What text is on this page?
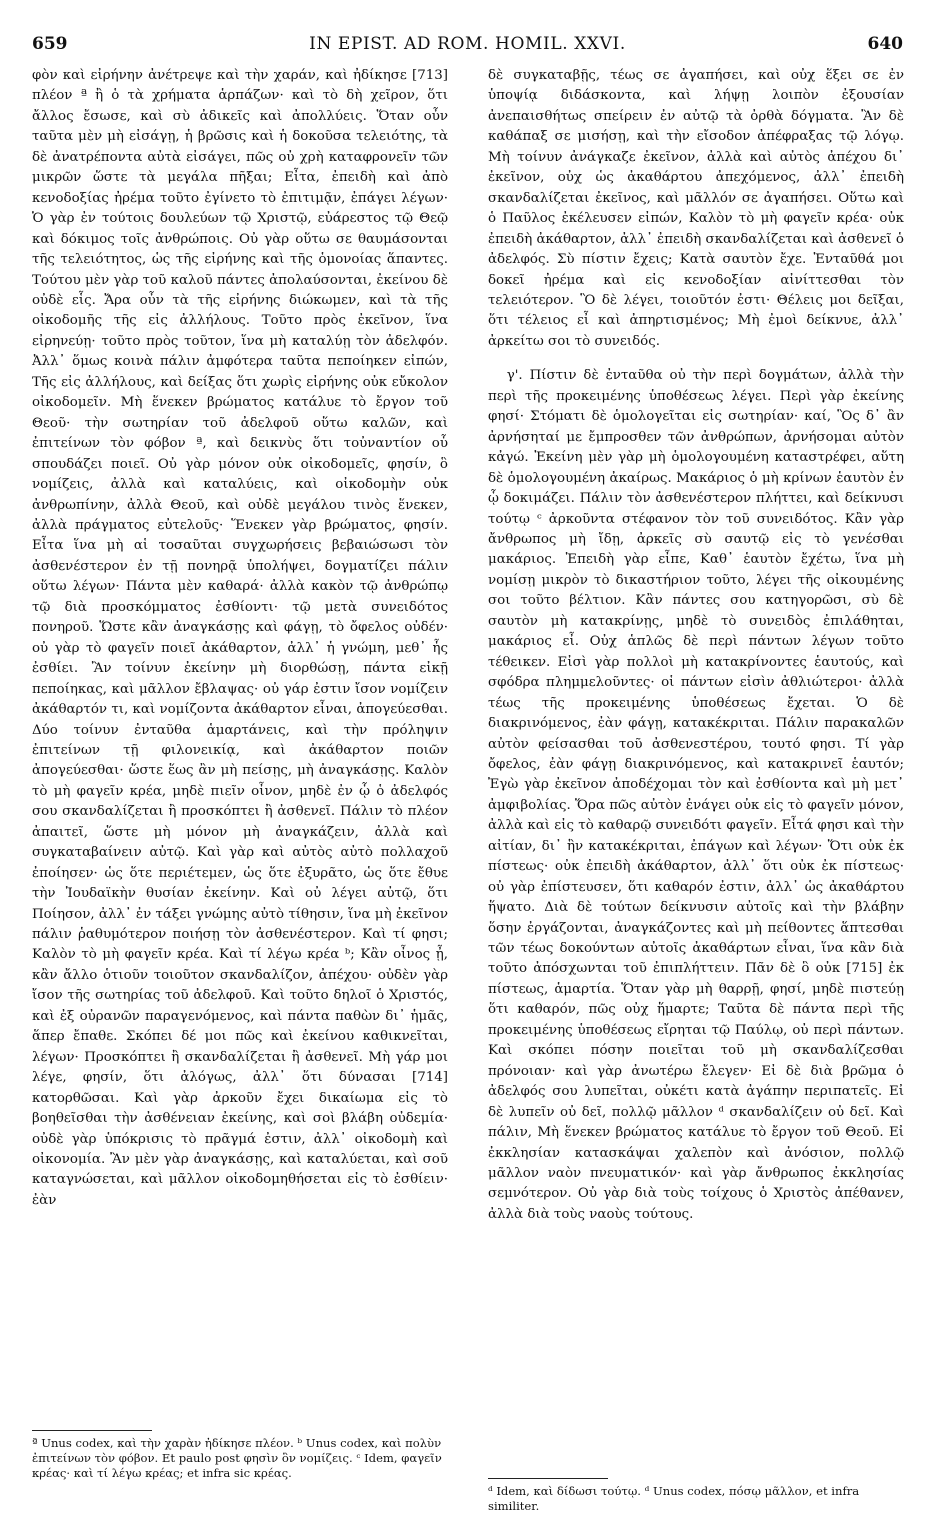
659	IN EPIST. AD ROM. HOMIL. XXVI.	640

φὸν καὶ εἰρήνην ἀνέτρεψε καὶ τὴν χαράν, καὶ ἠδίκησε [713] πλέον ª ἢ ὁ τὰ χρήματα ἁρπάζων· καὶ τὸ δὴ χεῖρον, ὅτι ἄλλος ἔσωσε, καὶ σὺ ἀδικεῖς καὶ ἀπολλύεις. Ὅταν οὖν ταῦτα μὲν μὴ εἰσάγῃ, ἡ βρῶσις καὶ ἡ δοκοῦσα τελειότης, τὰ δὲ ἀνατρέποντα αὐτὰ εἰσάγει, πῶς οὐ χρὴ καταφρονεῖν τῶν μικρῶν ὥστε τὰ μεγάλα πῆξαι; Εἶτα, ἐπειδὴ καὶ ἀπὸ κενοδοξίας ἠρέμα τοῦτο ἐγίνετο τὸ ἐπιτιμᾷν, ἐπάγει λέγων· Ὁ γὰρ ἐν τούτοις δουλεύων τῷ Χριστῷ, εὐάρεστος τῷ Θεῷ καὶ δόκιμος τοῖς ἀνθρώποις. Οὐ γὰρ οὕτω σε θαυμάσονται τῆς τελειότητος, ὡς τῆς εἰρήνης καὶ τῆς ὁμονοίας ἅπαντες. Τούτου μὲν γὰρ τοῦ καλοῦ πάντες ἀπολαύσονται, ἐκείνου δὲ οὐδὲ εἷς. Ἄρα οὖν τὰ τῆς εἰρήνης διώκωμεν, καὶ τὰ τῆς οἰκοδομῆς τῆς εἰς ἀλλήλους. Τοῦτο πρὸς ἐκεῖνον, ἵνα εἰρηνεύῃ· τοῦτο πρὸς τοῦτον, ἵνα μὴ καταλύῃ τὸν ἀδελφόν. Ἀλλ᾽ ὅμως κοινὰ πάλιν ἀμφότερα ταῦτα πεποίηκεν εἰπών, Τῆς εἰς ἀλλήλους, καὶ δείξας ὅτι χωρὶς εἰρήνης οὐκ εὔκολον οἰκοδομεῖν. Μὴ ἕνεκεν βρώματος κατάλυε τὸ ἔργον τοῦ Θεοῦ· τὴν σωτηρίαν τοῦ ἀδελφοῦ οὕτω καλῶν, καὶ ἐπιτείνων τὸν φόβον ª, καὶ δεικνὺς ὅτι τοὐναντίον οὗ σπουδάζει ποιεῖ. Οὐ γὰρ μόνον οὐκ οἰκοδομεῖς, φησίν, ὃ νομίζεις, ἀλλὰ καὶ καταλύεις, καὶ οἰκοδομὴν οὐκ ἀνθρωπίνην, ἀλλὰ Θεοῦ, καὶ οὐδὲ μεγάλου τινὸς ἕνεκεν, ἀλλὰ πράγματος εὐτελοῦς· Ἕνεκεν γὰρ βρώματος, φησίν. Εἶτα ἵνα μὴ αἱ τοσαῦται συγχωρήσεις βεβαιώσωσι τὸν ἀσθενέστερον ἐν τῇ πονηρᾷ ὑπολήψει, δογματίζει πάλιν οὕτω λέγων· Πάντα μὲν καθαρά· ἀλλὰ κακὸν τῷ ἀνθρώπῳ τῷ διὰ προσκόμματος ἐσθίοντι· τῷ μετὰ συνειδότος πονηροῦ. Ὥστε κἂν ἀναγκάσῃς καὶ φάγῃ, τὸ ὄφελος οὐδέν· οὐ γὰρ τὸ φαγεῖν ποιεῖ ἀκάθαρτον, ἀλλ᾽ ἡ γνώμη, μεθ᾽ ἧς ἐσθίει. Ἂν τοίνυν ἐκείνην μὴ διορθώσῃ, πάντα εἰκῇ πεποίηκας, καὶ μᾶλλον ἔβλαψας· οὐ γάρ ἐστιν ἴσον νομίζειν ἀκάθαρτόν τι, καὶ νομίζοντα ἀκάθαρτον εἶναι, ἀπογεύεσθαι. Δύο τοίνυν ἐνταῦθα ἁμαρτάνεις, καὶ τὴν πρόληψιν ἐπιτείνων τῇ φιλονεικίᾳ, καὶ ἀκάθαρτον ποιῶν ἀπογεύεσθαι· ὥστε ἕως ἂν μὴ πείσῃς, μὴ ἀναγκάσῃς. Καλὸν τὸ μὴ φαγεῖν κρέα, μηδὲ πιεῖν οἶνον, μηδὲ ἐν ᾧ ὁ ἀδελφός σου σκανδαλίζεται ἢ προσκόπτει ἢ ἀσθενεῖ. Πάλιν τὸ πλέον ἀπαιτεῖ, ὥστε μὴ μόνον μὴ ἀναγκάζειν, ἀλλὰ καὶ συγκαταβαίνειν αὐτῷ. Καὶ γὰρ καὶ αὐτὸς αὐτὸ πολλαχοῦ ἐποίησεν· ὡς ὅτε περιέτεμεν, ὡς ὅτε ἐξυρᾶτο, ὡς ὅτε ἔθυε τὴν Ἰουδαϊκὴν θυσίαν ἐκείνην. Καὶ οὐ λέγει αὐτῷ, ὅτι Ποίησον, ἀλλ᾽ ἐν τάξει γνώμης αὐτὸ τίθησιν, ἵνα μὴ ἐκεῖνον πάλιν ῥαθυμότερον ποιήσῃ τὸν ἀσθενέστερον. Καὶ τί φησι; Καλὸν τὸ μὴ φαγεῖν κρέα. Καὶ τί λέγω κρέα ᵇ; Κἂν οἶνος ᾖ, κἂν ἄλλο ὁτιοῦν τοιοῦτον σκανδαλίζον, ἀπέχου· οὐδὲν γὰρ ἴσον τῆς σωτηρίας τοῦ ἀδελφοῦ. Καὶ τοῦτο δηλοῖ ὁ Χριστός, καὶ ἐξ οὐρανῶν παραγενόμενος, καὶ πάντα παθὼν δι᾽ ἡμᾶς, ἅπερ ἔπαθε. Σκόπει δέ μοι πῶς καὶ ἐκείνου καθικνεῖται, λέγων· Προσκόπτει ἢ σκανδαλίζεται ἢ ἀσθενεῖ. Μὴ γάρ μοι λέγε, φησίν, ὅτι ἀλόγως, ἀλλ᾽ ὅτι δύνασαι [714] κατορθῶσαι. Καὶ γὰρ ἀρκοῦν ἔχει δικαίωμα εἰς τὸ βοηθεῖσθαι τὴν ἀσθένειαν ἐκείνης, καὶ σοὶ βλάβη οὐδεμία· οὐδὲ γὰρ ὑπόκρισις τὸ πρᾶγμά ἐστιν, ἀλλ᾽ οἰκοδομὴ καὶ οἰκονομία. Ἂν μὲν γὰρ ἀναγκάσῃς, καὶ καταλύεται, καὶ σοῦ καταγνώσεται, καὶ μᾶλλον οἰκοδομηθήσεται εἰς τὸ ἐσθίειν· ἐὰν

δὲ συγκαταβῇς, τέως σε ἀγαπήσει, καὶ οὐχ ἕξει σε ἐν ὑποψίᾳ διδάσκοντα, καὶ λήψῃ λοιπὸν ἐξουσίαν ἀνεπαισθήτως σπείρειν ἐν αὐτῷ τὰ ὀρθὰ δόγματα. Ἂν δὲ καθάπαξ σε μισήσῃ, καὶ τὴν εἴσοδον ἀπέφραξας τῷ λόγῳ. Μὴ τοίνυν ἀνάγκαζε ἐκεῖνον, ἀλλὰ καὶ αὐτὸς ἀπέχου δι᾽ ἐκεῖνον, οὐχ ὡς ἀκαθάρτου ἀπεχόμενος, ἀλλ᾽ ἐπειδὴ σκανδαλίζεται ἐκεῖνος, καὶ μᾶλλόν σε ἀγαπήσει. Οὕτω καὶ ὁ Παῦλος ἐκέλευσεν εἰπών, Καλὸν τὸ μὴ φαγεῖν κρέα· οὐκ ἐπειδὴ ἀκάθαρτον, ἀλλ᾽ ἐπειδὴ σκανδαλίζεται καὶ ἀσθενεῖ ὁ ἀδελφός. Σὺ πίστιν ἔχεις; Κατὰ σαυτὸν ἔχε. Ἐνταῦθά μοι δοκεῖ ἠρέμα καὶ εἰς κενοδοξίαν αἰνίττεσθαι τὸν τελειότερον. Ὃ δὲ λέγει, τοιοῦτόν ἐστι· Θέλεις μοι δεῖξαι, ὅτι τέλειος εἶ καὶ ἀπηρτισμένος; Μὴ ἐμοὶ δείκνυε, ἀλλ᾽ ἀρκείτω σοι τὸ συνειδός.

γ'. Πίστιν δὲ ἐνταῦθα οὐ τὴν περὶ δογμάτων, ἀλλὰ τὴν περὶ τῆς προκειμένης ὑποθέσεως λέγει. Περὶ γὰρ ἐκείνης φησί· Στόματι δὲ ὁμολογεῖται εἰς σωτηρίαν· καί, Ὃς δ᾽ ἂν ἀρνήσηταί με ἔμπροσθεν τῶν ἀνθρώπων, ἀρνήσομαι αὐτὸν κἀγώ. Ἐκείνη μὲν γὰρ μὴ ὁμολογουμένη καταστρέφει, αὕτη δὲ ὁμολογουμένη ἀκαίρως. Μακάριος ὁ μὴ κρίνων ἑαυτὸν ἐν ᾧ δοκιμάζει. Πάλιν τὸν ἀσθενέστερον πλήττει, καὶ δείκνυσι τούτῳ ᶜ ἀρκοῦντα στέφανον τὸν τοῦ συνειδότος. Κἂν γὰρ ἄνθρωπος μὴ ἴδῃ, ἀρκεῖς σὺ σαυτῷ εἰς τὸ γενέσθαι μακάριος. Ἐπειδὴ γὰρ εἶπε, Καθ᾽ ἑαυτὸν ἔχέτω, ἵνα μὴ νομίσῃ μικρὸν τὸ δικαστήριον τοῦτο, λέγει τῆς οἰκουμένης σοι τοῦτο βέλτιον. Κἂν πάντες σου κατηγορῶσι, σὺ δὲ σαυτὸν μὴ κατακρίνῃς, μηδὲ τὸ συνειδὸς ἐπιλάθηται, μακάριος εἶ. Οὐχ ἁπλῶς δὲ περὶ πάντων λέγων τοῦτο τέθεικεν. Εἰσὶ γὰρ πολλοὶ μὴ κατακρίνοντες ἑαυτούς, καὶ σφόδρα πλημμελοῦντες· οἱ πάντων εἰσὶν ἀθλιώτεροι· ἀλλὰ τέως τῆς προκειμένης ὑποθέσεως ἔχεται. Ὁ δὲ διακρινόμενος, ἐὰν φάγῃ, κατακέκριται. Πάλιν παρακαλῶν αὐτὸν φείσασθαι τοῦ ἀσθενεστέρου, τουτό φησι. Τί γὰρ ὄφελος, ἐὰν φάγῃ διακρινόμενος, καὶ κατακρινεῖ ἑαυτόν; Ἐγὼ γὰρ ἐκεῖνον ἀποδέχομαι τὸν καὶ ἐσθίοντα καὶ μὴ μετ᾽ ἀμφιβολίας. Ὅρα πῶς αὐτὸν ἐνάγει οὐκ εἰς τὸ φαγεῖν μόνον, ἀλλὰ καὶ εἰς τὸ καθαρῷ συνειδότι φαγεῖν. Εἶτά φησι καὶ τὴν αἰτίαν, δι᾽ ἣν κατακέκριται, ἐπάγων καὶ λέγων· Ὅτι οὐκ ἐκ πίστεως· οὐκ ἐπειδὴ ἀκάθαρτον, ἀλλ᾽ ὅτι οὐκ ἐκ πίστεως· οὐ γὰρ ἐπίστευσεν, ὅτι καθαρόν ἐστιν, ἀλλ᾽ ὡς ἀκαθάρτου ἥψατο. Διὰ δὲ τούτων δείκνυσιν αὐτοῖς καὶ τὴν βλάβην ὅσην ἐργάζονται, ἀναγκάζοντες καὶ μὴ πείθοντες ἅπτεσθαι τῶν τέως δοκούντων αὐτοῖς ἀκαθάρτων εἶναι, ἵνα κἂν διὰ τοῦτο ἀπόσχωνται τοῦ ἐπιπλήττειν. Πᾶν δὲ ὃ οὐκ [715] ἐκ πίστεως, ἁμαρτία. Ὅταν γὰρ μὴ θαρρῇ, φησί, μηδὲ πιστεύῃ ὅτι καθαρόν, πῶς οὐχ ἥμαρτε; Ταῦτα δὲ πάντα περὶ τῆς προκειμένης ὑποθέσεως εἴρηται τῷ Παύλῳ, οὐ περὶ πάντων. Καὶ σκόπει πόσην ποιεῖται τοῦ μὴ σκανδαλίζεσθαι πρόνοιαν· καὶ γὰρ ἀνωτέρω ἔλεγεν· Εἰ δὲ διὰ βρῶμα ὁ ἀδελφός σου λυπεῖται, οὐκέτι κατὰ ἀγάπην περιπατεῖς. Εἰ δὲ λυπεῖν οὐ δεῖ, πολλῷ μᾶλλον ᵈ σκανδαλίζειν οὐ δεῖ. Καὶ πάλιν, Μὴ ἕνεκεν βρώματος κατάλυε τὸ ἔργον τοῦ Θεοῦ. Εἰ ἐκκλησίαν κατασκάψαι χαλεπὸν καὶ ἀνόσιον, πολλῷ μᾶλλον ναὸν πνευματικόν· καὶ γὰρ ἄνθρωπος ἐκκλησίας σεμνότερον. Οὐ γὰρ διὰ τοὺς τοίχους ὁ Χριστὸς ἀπέθανεν, ἀλλὰ διὰ τοὺς ναοὺς τούτους.

ª Unus codex, καὶ τὴν χαρὰν ἠδίκησε πλέον. ᵇ Unus codex, καὶ πολὺν ἐπιτείνων τὸν φόβον. Et paulo post φησὶν ὃν νομίζεις. ᶜ Idem, φαγεῖν κρέας· καὶ τί λέγω κρέας; et infra sic κρέας.
ᵈ Idem, καὶ δίδωσι τούτῳ. ᵈ Unus codex, πόσῳ μᾶλλον, et infra similiter.
